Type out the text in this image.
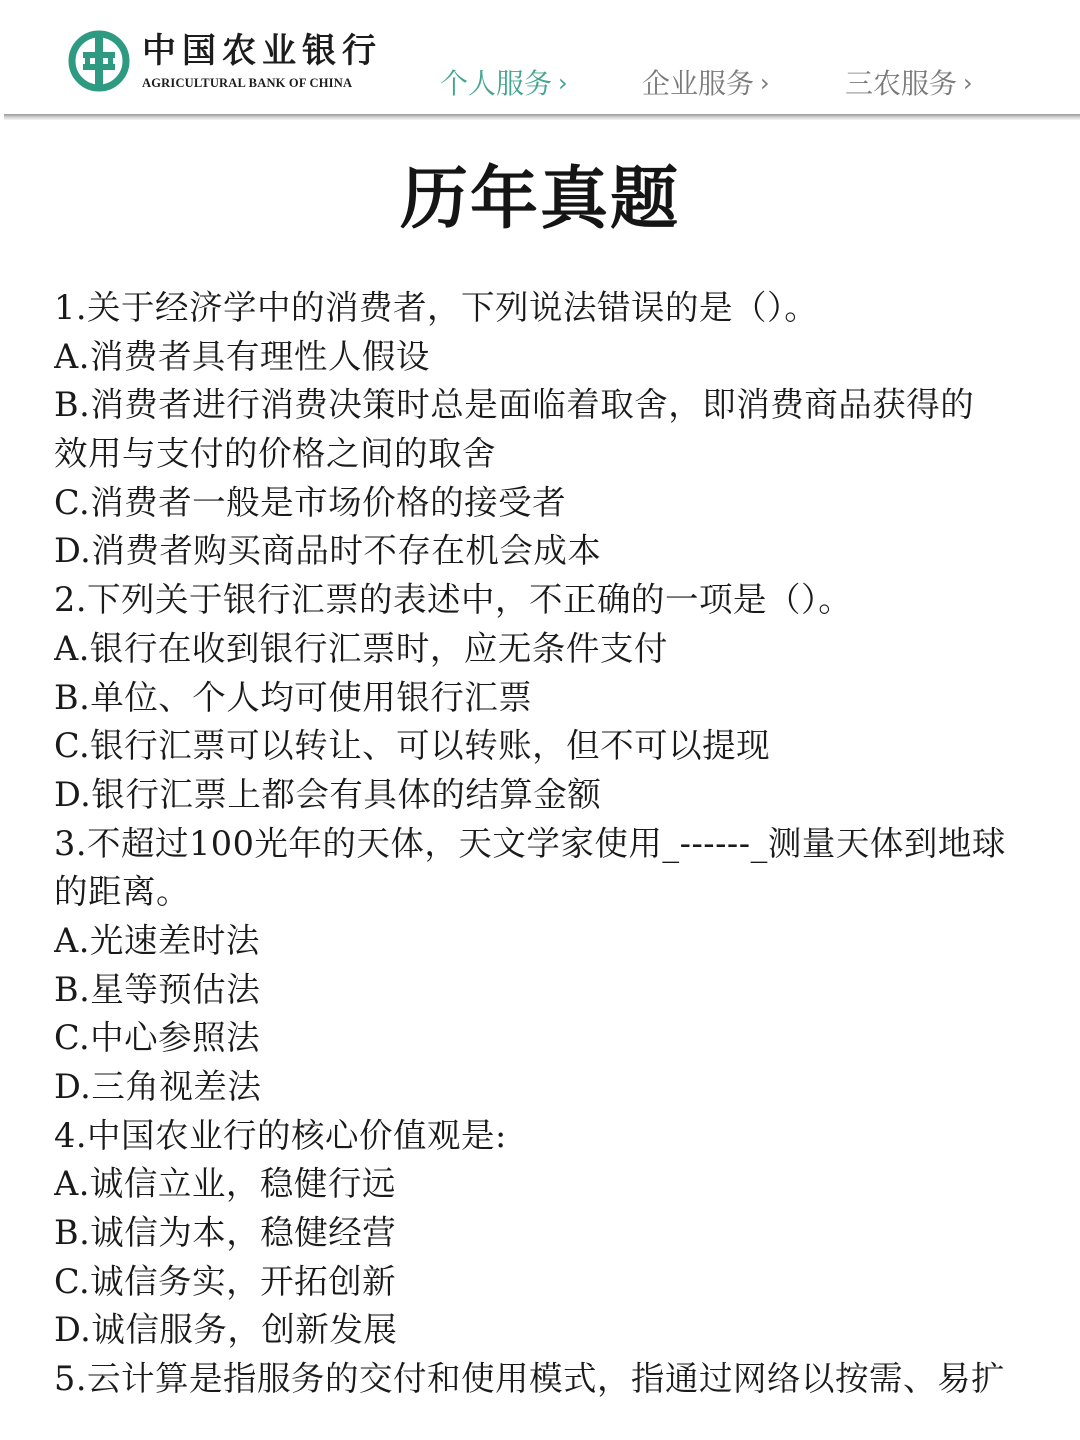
中国农业银行
AGRICULTURAL BANK OF CHINA	个人服务 ›	企业服务 ›	三农服务 ›
历年真题
1.关于经济学中的消费者，下列说法错误的是（）。
A.消费者具有理性人假设
B.消费者进行消费决策时总是面临着取舍，即消费商品获得的
效用与支付的价格之间的取舍
C.消费者一般是市场价格的接受者
D.消费者购买商品时不存在机会成本
2.下列关于银行汇票的表述中，不正确的一项是（）。
A.银行在收到银行汇票时，应无条件支付
B.单位、个人均可使用银行汇票
C.银行汇票可以转让、可以转账，但不可以提现
D.银行汇票上都会有具体的结算金额
3.不超过100光年的天体，天文学家使用_------_测量天体到地球
的距离。
A.光速差时法
B.星等预估法
C.中心参照法
D.三角视差法
4.中国农业行的核心价值观是:
A.诚信立业，稳健行远
B.诚信为本，稳健经营
C.诚信务实，开拓创新
D.诚信服务，创新发展
5.云计算是指服务的交付和使用模式，指通过网络以按需、易扩
